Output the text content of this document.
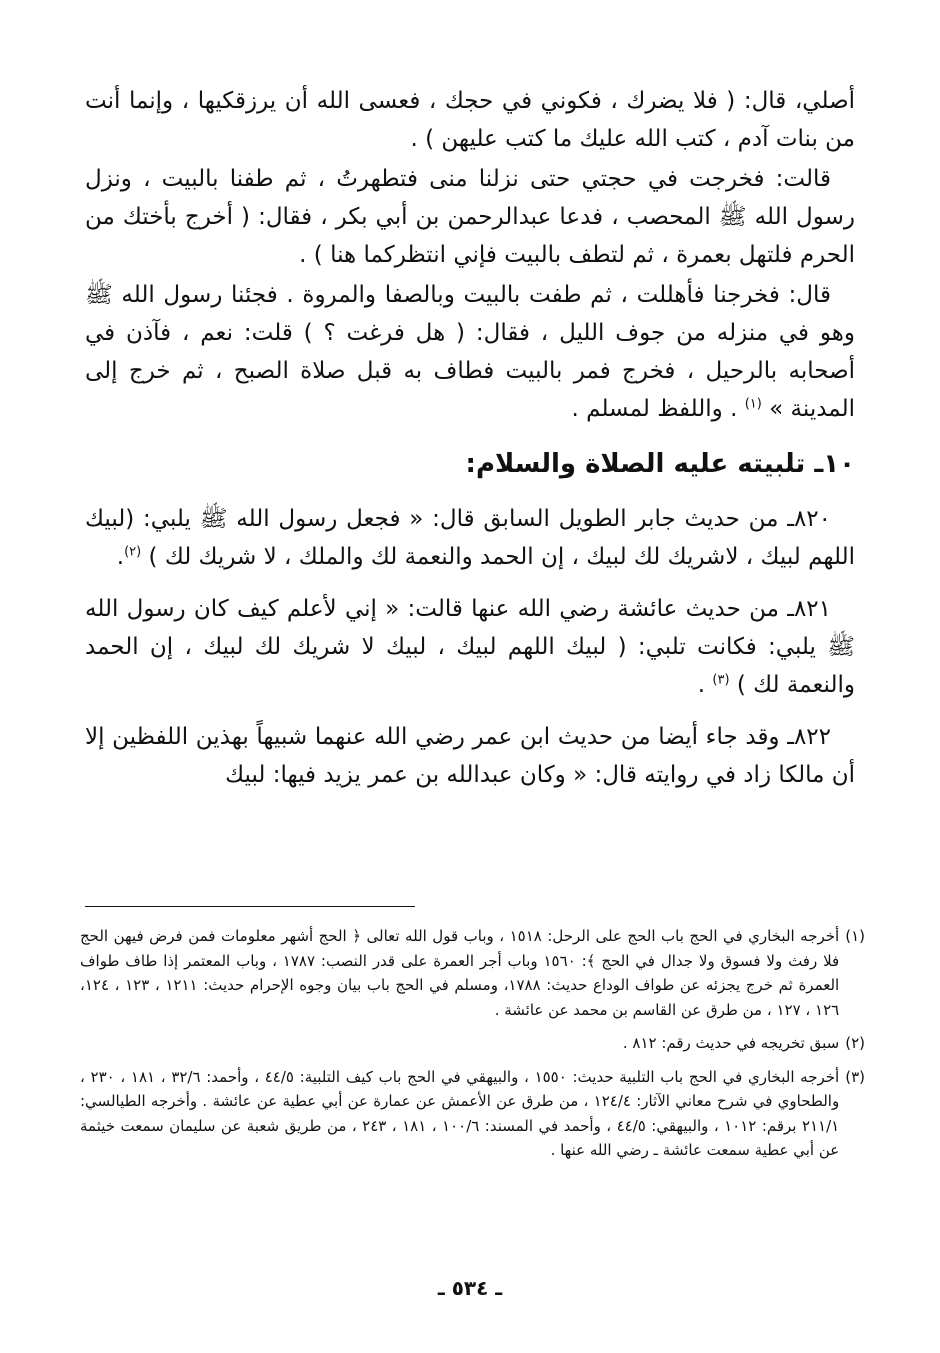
أصلي، قال: ( فلا يضرك ، فكوني في حجك ، فعسى الله أن يرزقكيها ، وإنما أنت من بنات آدم ، كتب الله عليك ما كتب عليهن ) .

قالت: فخرجت في حجتي حتى نزلنا منى فتطهرتُ ، ثم طفنا بالبيت ، ونزل رسول الله ﷺ المحصب ، فدعا عبدالرحمن بن أبي بكر ، فقال: ( أخرج بأختك من الحرم فلتهل بعمرة ، ثم لتطف بالبيت فإني انتظركما هنا ) .

قال: فخرجنا فأهللت ، ثم طفت بالبيت وبالصفا والمروة . فجئنا رسول الله ﷺ وهو في منزله من جوف الليل ، فقال: ( هل فرغت ؟ ) قلت: نعم ، فآذن في أصحابه بالرحيل ، فخرج فمر بالبيت فطاف به قبل صلاة الصبح ، ثم خرج إلى المدينة » $^{(١)}$ . واللفظ لمسلم .

١٠ـ تلبيته عليه الصلاة والسلام:

٨٢٠ـ من حديث جابر الطويل السابق قال: « فجعل رسول الله ﷺ يلبي: (لبيك اللهم لبيك ، لاشريك لك لبيك ، إن الحمد والنعمة لك والملك ، لا شريك لك ) $^{(٢)}$.

٨٢١ـ من حديث عائشة رضي الله عنها قالت: « إني لأعلم كيف كان رسول الله ﷺ يلبي: فكانت تلبي: ( لبيك اللهم لبيك ، لبيك لا شريك لك لبيك ، إن الحمد والنعمة لك ) $^{(٣)}$ .

٨٢٢ـ وقد جاء أيضا من حديث ابن عمر رضي الله عنهما شبيهاً بهذين اللفظين إلا أن مالكا زاد في روايته قال: « وكان عبدالله بن عمر يزيد فيها: لبيك

(١)
أخرجه البخاري في الحج باب الحج على الرحل: ١٥١٨ ، وباب قول الله تعالى ﴿ الحج أشهر معلومات فمن فرض فيهن الحج فلا رفث ولا فسوق ولا جدال في الحج ﴾: ١٥٦٠ وباب أجر العمرة على قدر النصب: ١٧٨٧ ، وباب المعتمر إذا طاف طواف العمرة ثم خرج يجزئه عن طواف الوداع حديث: ١٧٨٨، ومسلم في الحج باب بيان وجوه الإحرام حديث: ١٢١١ ، ١٢٣ ، ١٢٤، ١٢٦ ، ١٢٧ ، من طرق عن القاسم بن محمد عن عائشة .
(٢)
سبق تخريجه في حديث رقم: ٨١٢ .
(٣)
أخرجه البخاري في الحج باب التلبية حديث: ١٥٥٠ ، والبيهقي في الحج باب كيف التلبية: ٤٤/٥ ، وأحمد: ٣٢/٦ ، ١٨١ ، ٢٣٠ ، والطحاوي في شرح معاني الآثار: ١٢٤/٤ ، من طرق عن الأعمش عن عمارة عن أبي عطية عن عائشة . وأخرجه الطيالسي: ٢١١/١ برقم: ١٠١٢ ، والبيهقي: ٤٤/٥ ، وأحمد في المسند: ١٠٠/٦ ، ١٨١ ، ٢٤٣ ، من طريق شعبة عن سليمان سمعت خيثمة عن أبي عطية سمعت عائشة ـ رضي الله عنها .
ـ ٥٣٤ ـ
